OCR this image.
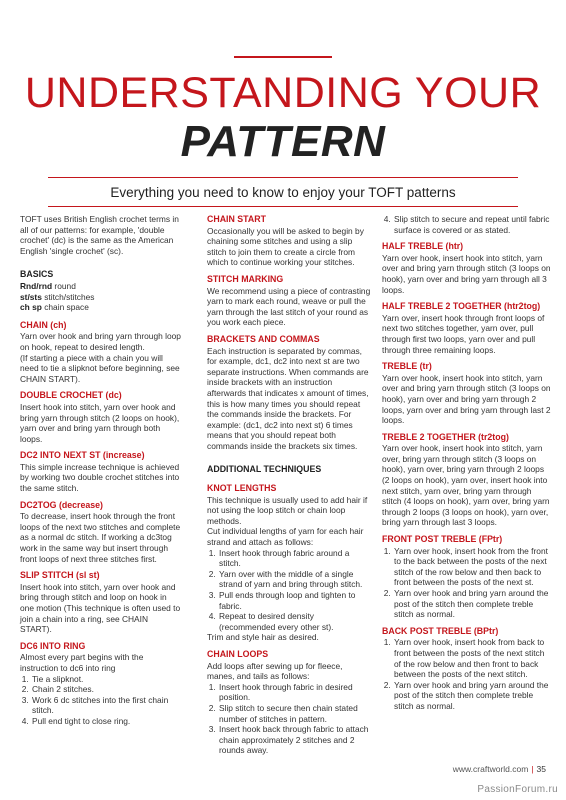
UNDERSTANDING YOUR
PATTERN
Everything you need to know to enjoy your TOFT patterns

TOFT uses British English crochet terms in all of our patterns: for example, 'double crochet' (dc) is the same as the American English 'single crochet' (sc).

BASICS

Rnd/rnd round
st/sts stitch/stitches
ch sp chain space

CHAIN (ch)

Yarn over hook and bring yarn through loop on hook, repeat to desired length.

(If starting a piece with a chain you will need to tie a slipknot before beginning, see CHAIN START).

DOUBLE CROCHET (dc)

Insert hook into stitch, yarn over hook and bring yarn through stitch (2 loops on hook), yarn over and bring yarn through both loops.

DC2 INTO NEXT ST (increase)

This simple increase technique is achieved by working two double crochet stitches into the same stitch.

DC2TOG (decrease)

To decrease, insert hook through the front loops of the next two stitches and complete as a normal dc stitch. If working a dc3tog work in the same way but insert through front loops of next three stitches first.

SLIP STITCH (sl st)

Insert hook into stitch, yarn over hook and bring through stitch and loop on hook in one motion (This technique is often used to join a chain into a ring, see CHAIN START).

DC6 INTO RING

Almost every part begins with the instruction to dc6 into ring

1. Tie a slipknot.
2. Chain 2 stitches.
3. Work 6 dc stitches into the first chain stitch.
4. Pull end tight to close ring.

CHAIN START

Occasionally you will be asked to begin by chaining some stitches and using a slip stitch to join them to create a circle from which to continue working your stitches.

STITCH MARKING

We recommend using a piece of contrasting yarn to mark each round, weave or pull the yarn through the last stitch of your round as you work each piece.

BRACKETS AND COMMAS

Each instruction is separated by commas, for example, dc1, dc2 into next st are two separate instructions. When commands are inside brackets with an instruction afterwards that indicates x amount of times, this is how many times you should repeat the commands inside the brackets. For example: (dc1, dc2 into next st) 6 times means that you should repeat both commands inside the brackets six times.

ADDITIONAL TECHNIQUES

KNOT LENGTHS

This technique is usually used to add hair if not using the loop stitch or chain loop methods.

Cut individual lengths of yarn for each hair strand and attach as follows:

1. Insert hook through fabric around a stitch.
2. Yarn over with the middle of a single strand of yarn and bring through stitch.
3. Pull ends through loop and tighten to fabric.
4. Repeat to desired density (recommended every other st).

Trim and style hair as desired.

CHAIN LOOPS

Add loops after sewing up for fleece, manes, and tails as follows:

1. Insert hook through fabric in desired position.
2. Slip stitch to secure then chain stated number of stitches in pattern.
3. Insert hook back through fabric to attach chain approximately 2 stitches and 2 rounds away.
4. Slip stitch to secure and repeat until fabric surface is covered or as stated.

HALF TREBLE (htr)

Yarn over hook, insert hook into stitch, yarn over and bring yarn through stitch (3 loops on hook), yarn over and bring yarn through all 3 loops.

HALF TREBLE 2 TOGETHER (htr2tog)

Yarn over, insert hook through front loops of next two stitches together, yarn over, pull through first two loops, yarn over and pull through three remaining loops.

TREBLE (tr)

Yarn over hook, insert hook into stitch, yarn over and bring yarn through stitch (3 loops on hook), yarn over and bring yarn through 2 loops, yarn over and bring yarn through last 2 loops.

TREBLE 2 TOGETHER (tr2tog)

Yarn over hook, insert hook into stitch, yarn over, bring yarn through stitch (3 loops on hook), yarn over, bring yarn through 2 loops (2 loops on hook), yarn over, insert hook into next stitch, yarn over, bring yarn through stitch (4 loops on hook), yarn over, bring yarn through 2 loops (3 loops on hook), yarn over, bring yarn through last 3 loops.

FRONT POST TREBLE (FPtr)

1. Yarn over hook, insert hook from the front to the back between the posts of the next stitch of the row below and then back to front between the posts of the next st.
2. Yarn over hook and bring yarn around the post of the stitch then complete treble stitch as normal.

BACK POST TREBLE (BPtr)

1. Yarn over hook, insert hook from back to front between the posts of the next stitch of the row below and then front to back between the posts of the next stitch.
2. Yarn over hook and bring yarn around the post of the stitch then complete treble stitch as normal.
www.craftworld.com | 35
PassionForum.ru
